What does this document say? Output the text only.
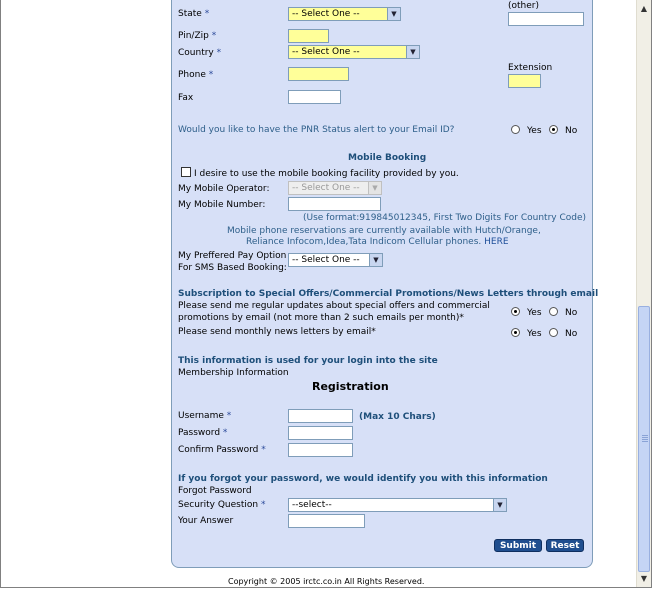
State *	-- Select One --	▼
(other)
Pin/Zip *
Country *	-- Select One --	▼
Extension
Phone *
Fax
Would you like to have the PNR Status alert to your Email ID?	Yes	No
Mobile Booking
I desire to use the mobile booking facility provided by you.
My Mobile Operator:	-- Select One --	▼
My Mobile Number:
(Use format:919845012345, First Two Digits For Country Code)
Mobile phone reservations are currently available with Hutch/Orange,
Reliance Infocom,Idea,Tata Indicom Cellular phones. HERE
My Preffered Pay Option
For SMS Based Booking:
-- Select One --	▼
Subscription to Special Offers/Commercial Promotions/News Letters through email
Please send me regular updates about special offers and commercial
promotions by email (not more than 2 such emails per month)*	Yes	No
Please send monthly news letters by email*	Yes	No
This information is used for your login into the site
Membership Information
Registration
Username *	(Max 10 Chars)
Password *
Confirm Password *
If you forgot your password, we would identify you with this information
Forgot Password
Security Question *	--select--	▼
Your Answer
Submit	Reset
Copyright © 2005 irctc.co.in All Rights Reserved.
▲
▼
